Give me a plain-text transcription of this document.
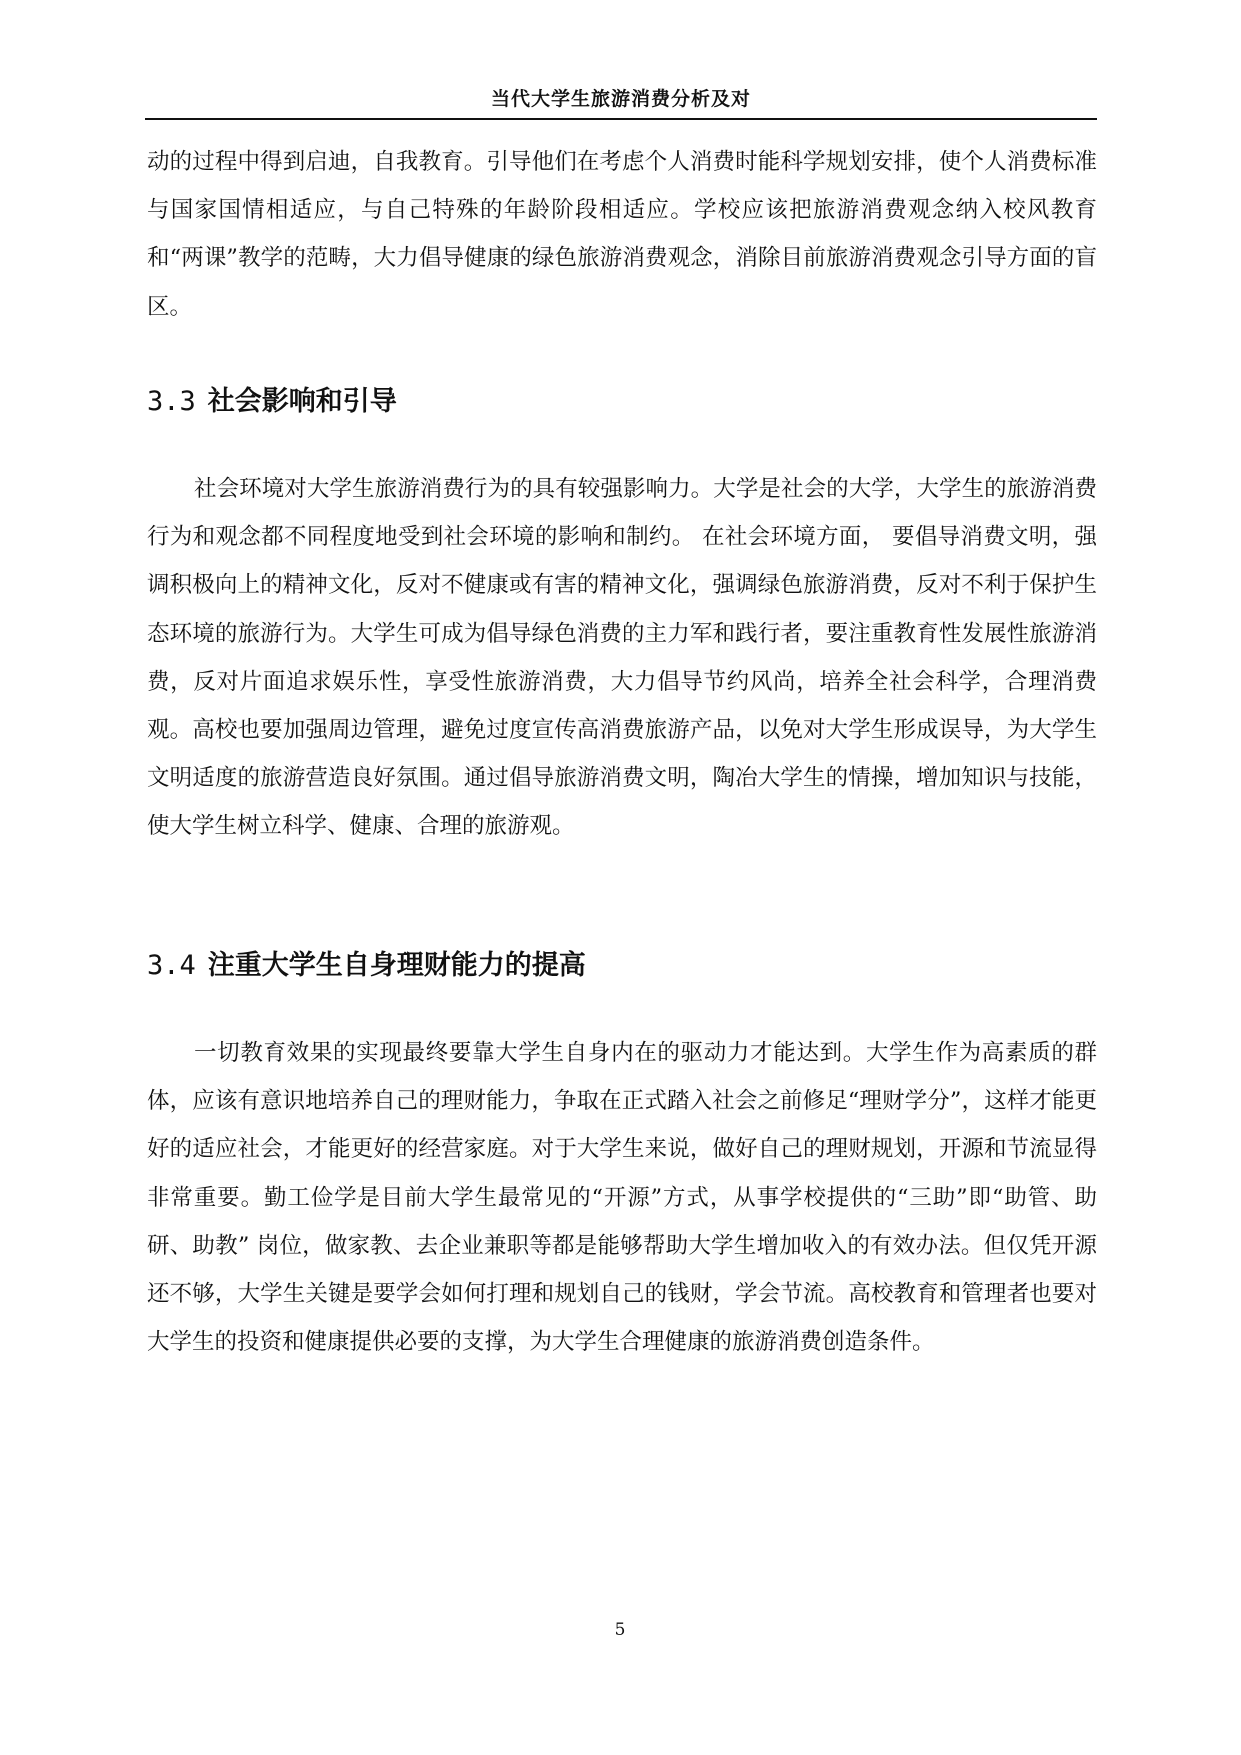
当代大学生旅游消费分析及对

动的过程中得到启迪，自我教育。引导他们在考虑个人消费时能科学规划安排，使个人消费标准与国家国情相适应，与自己特殊的年龄阶段相适应。学校应该把旅游消费观念纳入校风教育和“两课”教学的范畴，大力倡导健康的绿色旅游消费观念，消除目前旅游消费观念引导方面的盲区。

3.3 社会影响和引导

社会环境对大学生旅游消费行为的具有较强影响力。大学是社会的大学，大学生的旅游消费行为和观念都不同程度地受到社会环境的影响和制约。 在社会环境方面， 要倡导消费文明，强调积极向上的精神文化，反对不健康或有害的精神文化，强调绿色旅游消费，反对不利于保护生态环境的旅游行为。大学生可成为倡导绿色消费的主力军和践行者，要注重教育性发展性旅游消费，反对片面追求娱乐性，享受性旅游消费，大力倡导节约风尚，培养全社会科学，合理消费观。高校也要加强周边管理，避免过度宣传高消费旅游产品，以免对大学生形成误导，为大学生文明适度的旅游营造良好氛围。通过倡导旅游消费文明，陶冶大学生的情操，增加知识与技能，使大学生树立科学、健康、合理的旅游观。

3.4 注重大学生自身理财能力的提高

一切教育效果的实现最终要靠大学生自身内在的驱动力才能达到。大学生作为高素质的群体，应该有意识地培养自己的理财能力，争取在正式踏入社会之前修足“理财学分”，这样才能更好的适应社会，才能更好的经营家庭。对于大学生来说，做好自己的理财规划，开源和节流显得非常重要。勤工俭学是目前大学生最常见的“开源”方式，从事学校提供的“三助”即“助管、助研、助教” 岗位，做家教、去企业兼职等都是能够帮助大学生增加收入的有效办法。但仅凭开源还不够，大学生关键是要学会如何打理和规划自己的钱财，学会节流。高校教育和管理者也要对大学生的投资和健康提供必要的支撑，为大学生合理健康的旅游消费创造条件。

5
